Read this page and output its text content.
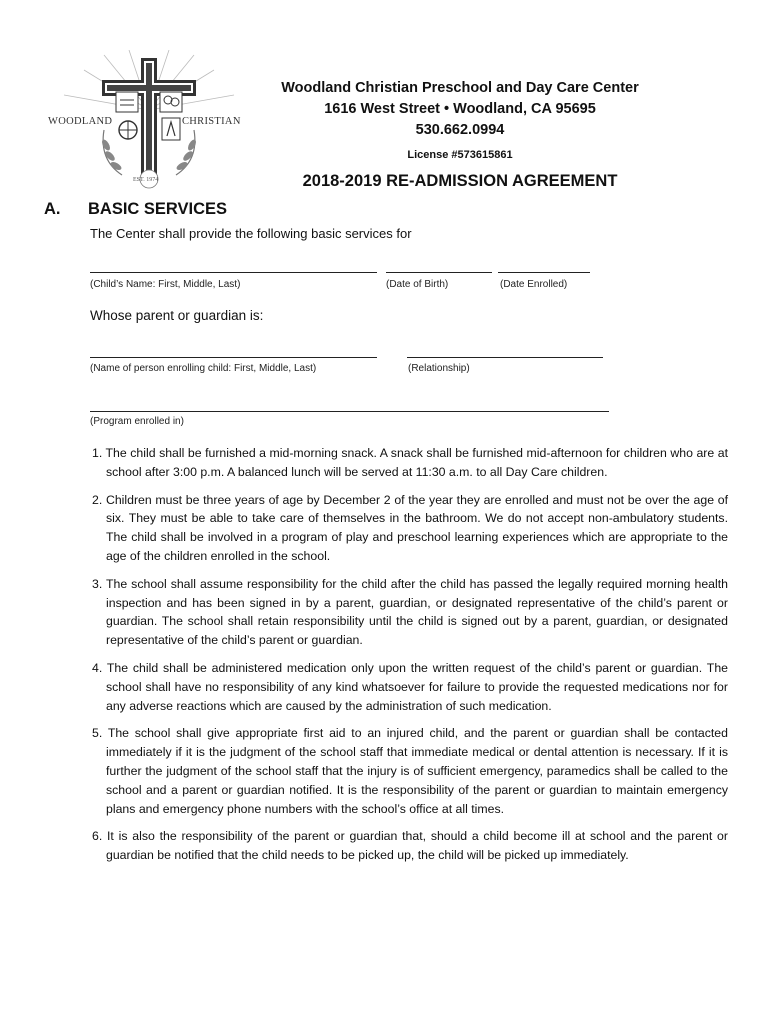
WOODLAND	CHRISTIAN
EST. 1974
Woodland Christian Preschool and Day Care Center
1616 West Street • Woodland, CA 95695
530.662.0994
License #573615861
2018-2019 RE-ADMISSION AGREEMENT
A. BASIC SERVICES
The Center shall provide the following basic services for
(Child’s Name: First, Middle, Last)	(Date of Birth)	(Date Enrolled)
Whose parent or guardian is:
(Name of person enrolling child: First, Middle, Last)	(Relationship)
(Program enrolled in)
1. The child shall be furnished a mid-morning snack. A snack shall be furnished mid-afternoon for children who are at school after 3:00 p.m. A balanced lunch will be served at 11:30 a.m. to all Day Care children.
2. Children must be three years of age by December 2 of the year they are enrolled and must not be over the age of six. They must be able to take care of themselves in the bathroom. We do not accept non-ambulatory students. The child shall be involved in a program of play and preschool learning experiences which are appropriate to the age of the children enrolled in the school.
3. The school shall assume responsibility for the child after the child has passed the legally required morning health inspection and has been signed in by a parent, guardian, or designated representative of the child’s parent or guardian. The school shall retain responsibility until the child is signed out by a parent, guardian, or designated representative of the child’s parent or guardian.
4. The child shall be administered medication only upon the written request of the child’s parent or guardian. The school shall have no responsibility of any kind whatsoever for failure to provide the requested medications nor for any adverse reactions which are caused by the administration of such medication.
5. The school shall give appropriate first aid to an injured child, and the parent or guardian shall be contacted immediately if it is the judgment of the school staff that immediate medical or dental attention is necessary. If it is further the judgment of the school staff that the injury is of sufficient emergency, paramedics shall be called to the school and a parent or guardian notified. It is the responsibility of the parent or guardian to maintain emergency plans and emergency phone numbers with the school’s office at all times.
6. It is also the responsibility of the parent or guardian that, should a child become ill at school and the parent or guardian be notified that the child needs to be picked up, the child will be picked up immediately.
